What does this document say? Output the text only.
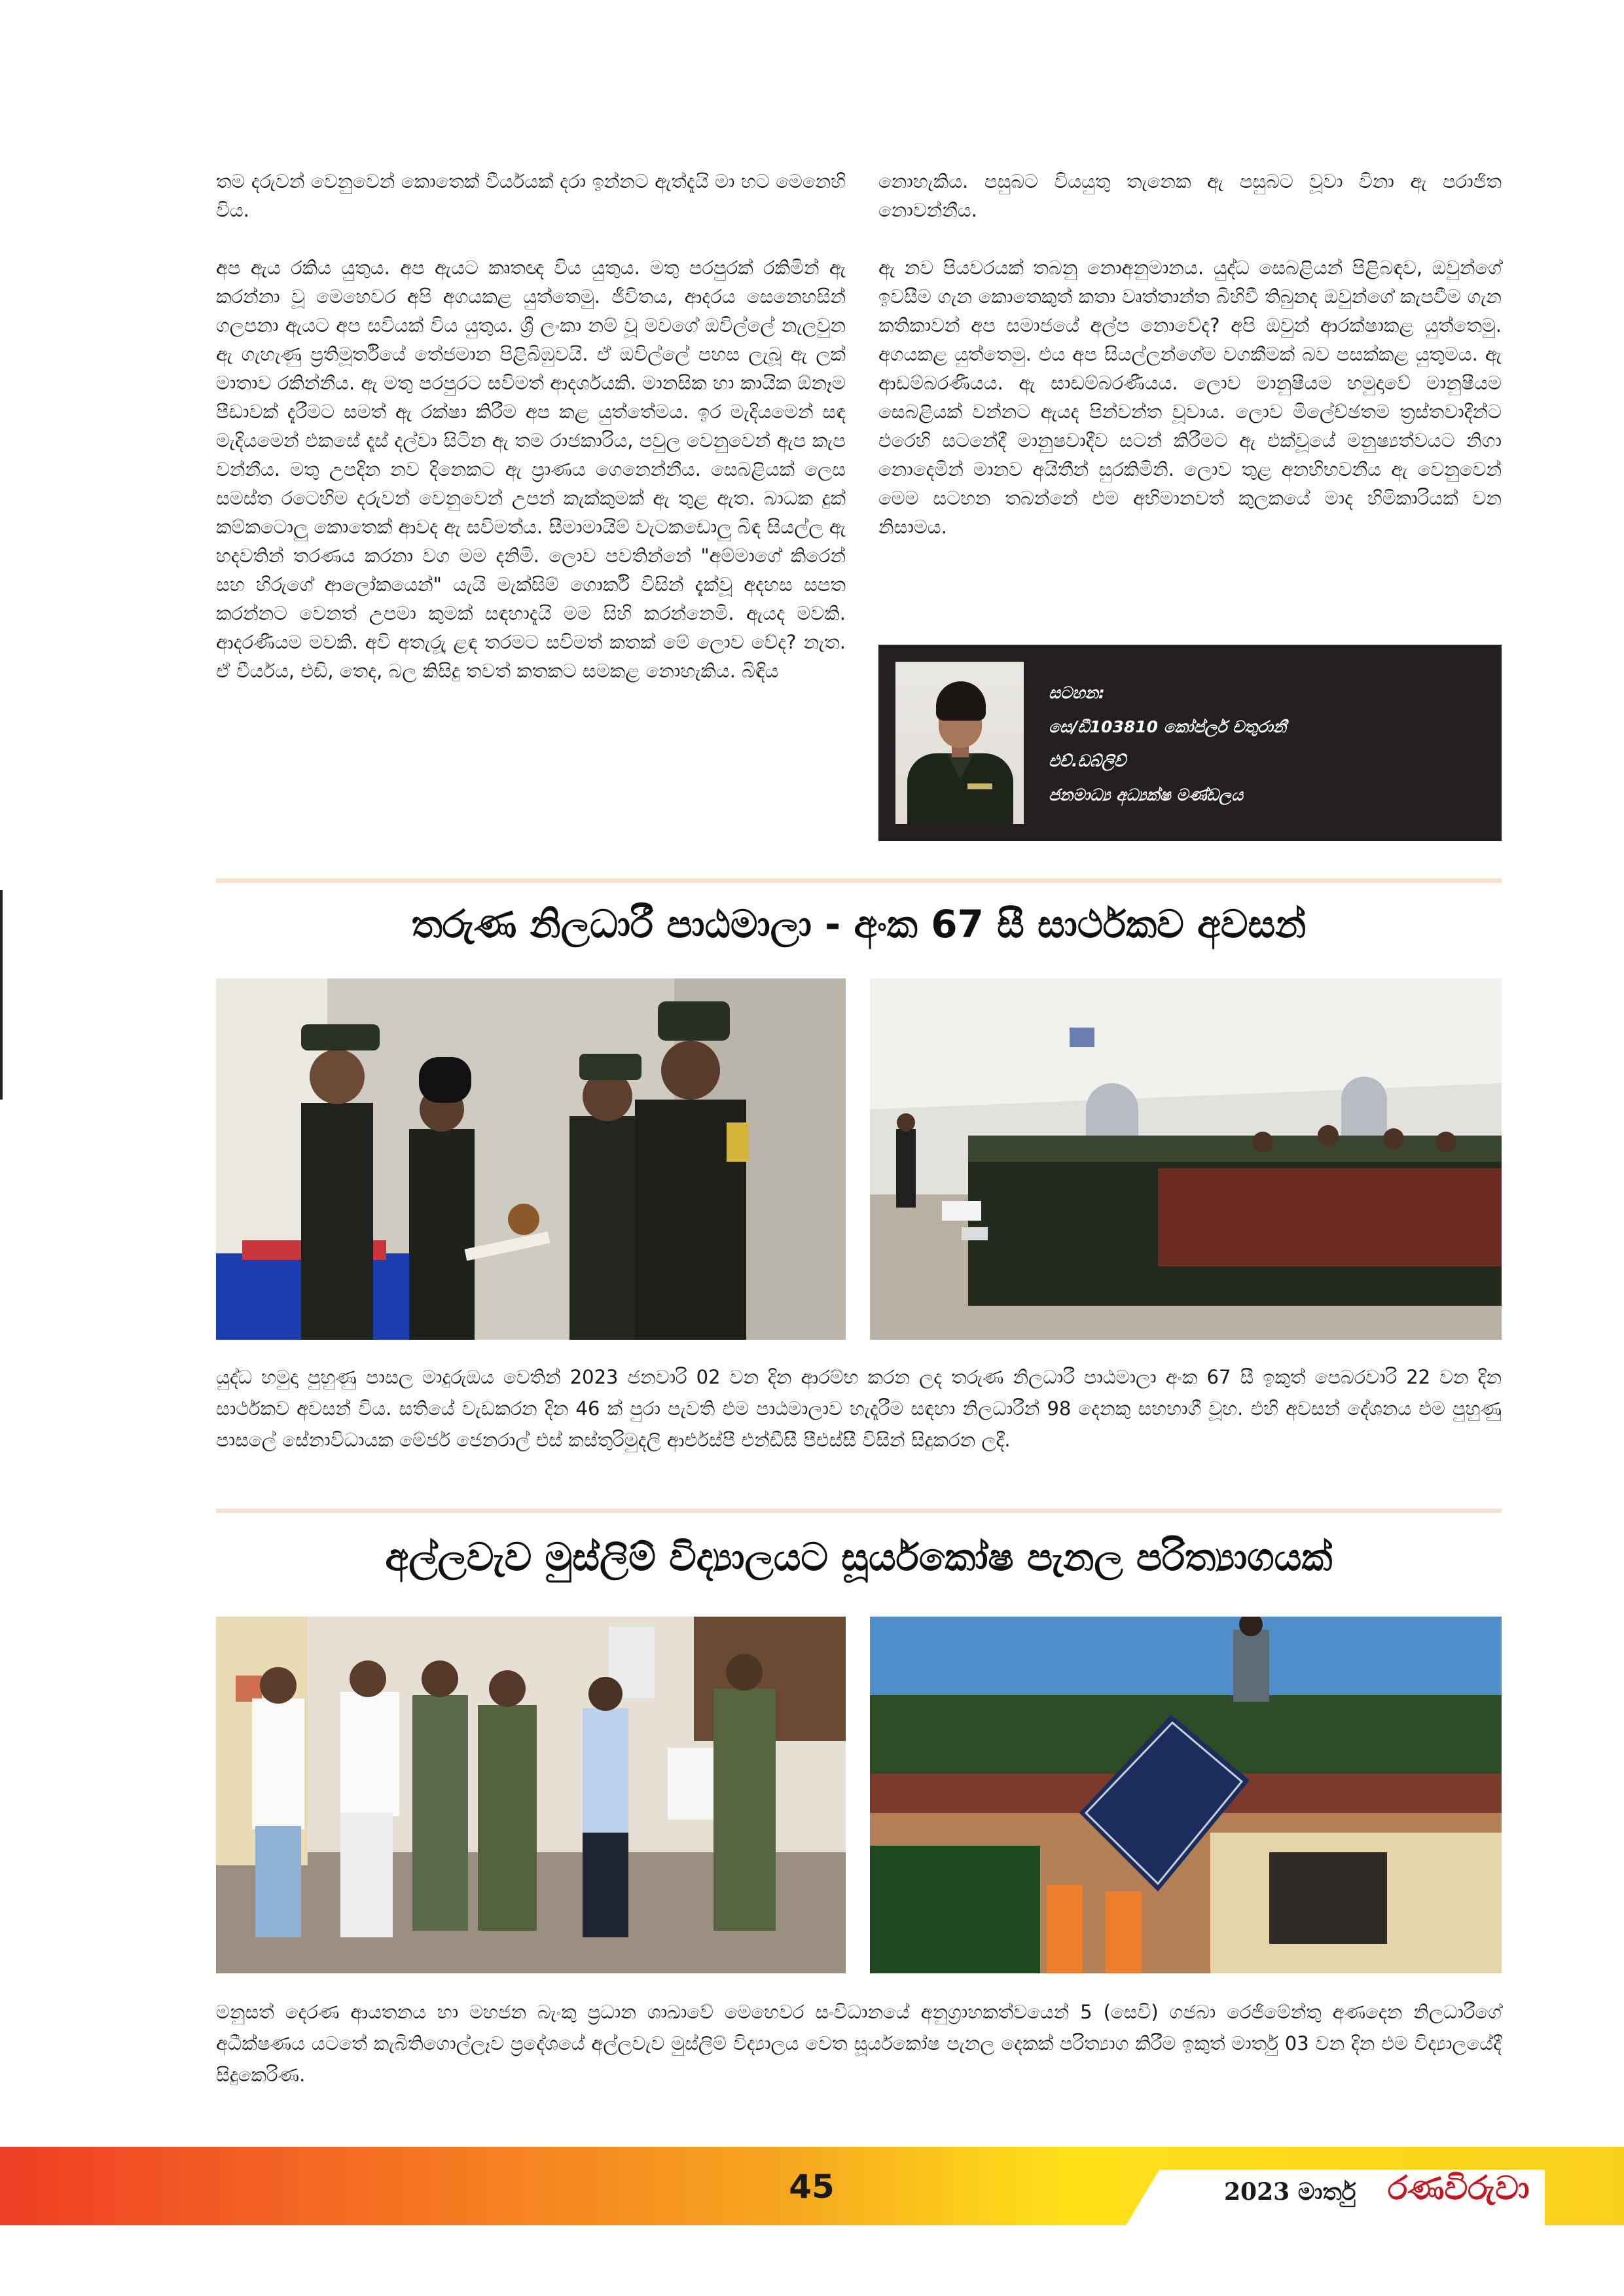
තම දරුවන් වෙනුවෙන් කොතෙක් වීර්යයක් දරා ඉන්නට ඇත්දැයි මා හට මෙනෙහි විය.

අප ඇය රකිය යුතුය. අප ඇයට කෘතඥ විය යුතුය. මතු පරපුරක් රකිමින් ඇ කරන්නා වූ මෙහෙවර අපි අගයකළ යුත්තෙමු. ජීවිතය, ආදරය සෙනෙහසින් ගලපනා ඇයට අප සවියක් විය යුතුය. ශ්‍රී ලංකා නම් වූ මවගේ ඔවිල්ලේ නැලවුන ඇ ගැහැණු ප්‍රතිමූර්තියේ තේජමාන පිළිබිඹුවයි. ඒ ඔවිල්ලේ පහස ලැබූ ඇ ලක් මාතාව රකින්නීය. ඇ මතු පරපුරට සවිමත් ආදර්ශයකි. මානසික හා කායික ඕනෑම පීඩාවක් දැරීමට සමත් ඇ රක්ෂා කිරීම අප කළ යුත්තේමය. ඉර මැදියමෙන් සඳ මැදියමෙන් එකසේ දෑස් දල්වා සිටින ඇ තම රාජකාරිය, පවුල වෙනුවෙන් ඇප කැප වන්නීය. මතු උපදින නව දිනෙකට ඇ ප්‍රාණය ගෙනෙන්නීය. සෙබළියක් ලෙස සමස්ත රටෙහිම දරුවන් වෙනුවෙන් උපන් කැක්කුමක් ඇ තුළ ඇත. බාධක දුක් කම්කටොලු කොතෙක් ආවද ඇ සවිමත්ය. සීමාමායිම් වැටකඩොලු බිඳ සියල්ල ඇ හදවතින් තරණය කරනා වග මම දනිමි. ලොව පවතින්නේ "අම්මාගේ කිරෙන් සහ හිරුගේ ආලෝකයෙන්" යැයි මැක්සිම් ගොර්කි විසින් දැක්වූ අදහස සපත කරන්නට වෙනත් උපමා කුමක් සඳහාදැයි මම සිහි කරන්නෙමි. ඇයද මවකි. ආදරණීයම මවකි. අවි අතැරුූ ළඳ තරමට සවිමත් කතක් මේ ලොව වේද? නැත. ඒ වීර්යය, එඩි, තෙද, බල කිසිදු තවත් කතකට සමකළ නොහැකිය. බිඳිය

නොහැකිය. පසුබට වියයුතු තැනෙක ඇ පසුබට වූවා විනා ඇ පරාජිත නොවන්නීය.

ඇ නව පියවරයක් තබනු නොඅනුමානය. යුද්ධ සෙබළියන් පිළිබඳව, ඔවුන්ගේ ඉවසීම ගැන කොතෙකුත් කතා වෘත්තාන්ත බිහිවී තිබුනද ඔවුන්ගේ කැපවීම ගැන කතිකාවන් අප සමාජයේ අල්ප නොවේද? අපි ඔවුන් ආරක්ෂාකළ යුත්තෙමු. අගයකළ යුත්තෙමු. එය අප සියල්ලන්ගේම වගකීමක් බව පසක්කළ යුතුමය. ඇ ආඩම්බරණීයය. ඇ සාඩම්බරණීයය. ලොව මානුෂීයම හමුදාවේ මානුෂීයම සෙබළියක් වන්නට ඇයද පින්වන්ත වූවාය. ලොව මිලේච්ඡතම ත්‍රස්තවාදීන්ට එරෙහි සටනේදී මානුෂවාදීව සටන් කිරීමට ඇ එක්වූයේ මනුෂ්‍යත්වයට නිගා නොදෙමින් මානව අයිතීන් සුරකිමිනි. ලොව තුළ අනභිභවනීය ඇ වෙනුවෙන් මෙම සටහන තබන්නේ එම අභිමානවත් කුලකයේ මාද හිමිකාරියක් වන නිසාමය.

සටහන:
සෙ/ඩී103810 කෝප්ලර් චතුරානී
එච්.ඩබ්ලිව්
ජනමාධ්‍ය අධ්‍යක්ෂ මණ්ඩලය
තරුණ නිලධාරී පාඨමාලා - අංක 67 සී සාර්ථකව අවසන්
යුද්ධ හමුදා පුහුණු පාසල මාදුරුඔය වෙතින් 2023 ජනවාරි 02 වන දින ආරම්භ කරන ලද තරුණ නිලධාරී පාඨමාලා අංක 67 සී ඉකුත් පෙබරවාරි 22 වන දින සාර්ථකව අවසන් විය. සතියේ වැඩකරන දින 46 ක් පුරා පැවති එම පාඨමාලාව හැදෑරීම සඳහා නිලධාරීන් 98 දෙනකු සහභාගී වූහ. එහි අවසන් දේශනය එම පුහුණු පාසලේ සේනාවිධායක මේජර් ජෙනරාල් එස් කස්තුරිමුදලි ආර්එස්පී එන්ඩීසී පීඑස්සී විසින් සිදුකරන ලදී.
අල්ලවැව මුස්ලිම් විද්‍යාලයට සූර්යකෝෂ පැනල පරිත්‍යාගයක්
මනුසත් දෙරණ ආයතනය හා මහජන බැංකු ප්‍රධාන ශාඛාවේ මෙහෙවර සංවිධානයේ අනුග්‍රාහකත්වයෙන් 5 (සෙවි) ගජබා රෙජිමේන්තු අණදෙන නිලධාරීගේ අධීක්ෂණය යටතේ කැබිතිගොල්ලෑව ප්‍රදේශයේ අල්ලවැව මුස්ලිම් විද්‍යාලය වෙත සූර්යකෝෂ පැනල දෙකක් පරිත්‍යාග කිරීම ඉකුත් මාර්තු 03 වන දින එම විද්‍යාලයේදී සිදුකෙරිණ.
45	2023 මාර්තු රණවිරුවා
